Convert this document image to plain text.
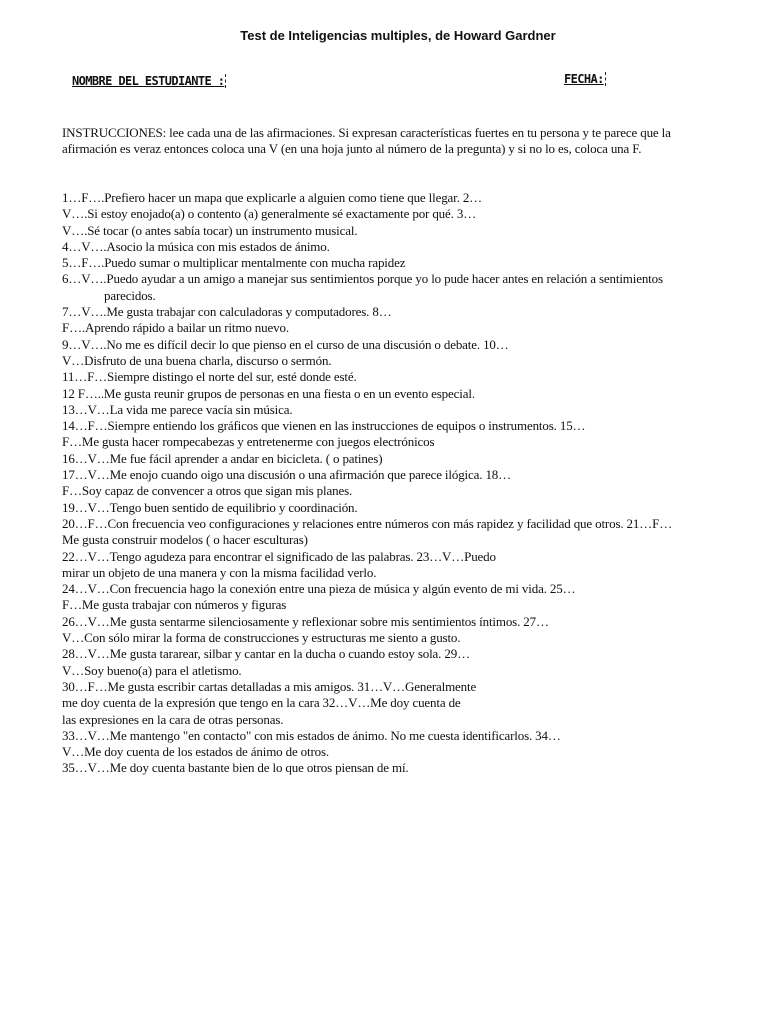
Test de Inteligencias multiples, de Howard Gardner
NOMBRE DEL ESTUDIANTE :	FECHA:

INSTRUCCIONES: lee cada una de las afirmaciones. Si expresan características fuertes en tu persona y te parece que la afirmación es veraz entonces coloca una V (en una hoja junto al número de la pregunta) y si no lo es, coloca una F.

1…F….Prefiero hacer un mapa que explicarle a alguien como tiene que llegar. 2…
V….Si estoy enojado(a) o contento (a) generalmente sé exactamente por qué. 3…
V….Sé tocar (o antes sabía tocar) un instrumento musical.
4…V….Asocio la música con mis estados de ánimo.
5…F….Puedo sumar o multiplicar mentalmente con mucha rapidez
6…V….Puedo ayudar a un amigo a manejar sus sentimientos porque yo lo pude hacer antes en relación a sentimientos
parecidos.
7…V….Me gusta trabajar con calculadoras y computadores. 8…
F….Aprendo rápido a bailar un ritmo nuevo.
9…V….No me es difícil decir lo que pienso en el curso de una discusión o debate. 10…
V…Disfruto de una buena charla, discurso o sermón.
11…F…Siempre distingo el norte del sur, esté donde esté.
12 F…..Me gusta reunir grupos de personas en una fiesta o en un evento especial.
13…V…La vida me parece vacía sin música.
14…F…Siempre entiendo los gráficos que vienen en las instrucciones de equipos o instrumentos. 15…
F…Me gusta hacer rompecabezas y entretenerme con juegos electrónicos
16…V…Me fue fácil aprender a andar en bicicleta. ( o patines)
17…V…Me enojo cuando oigo una discusión o una afirmación que parece ilógica. 18…
F…Soy capaz de convencer a otros que sigan mis planes.
19…V…Tengo buen sentido de equilibrio y coordinación.
20…F…Con frecuencia veo configuraciones y relaciones entre números con más rapidez y facilidad que otros. 21…F…
Me gusta construir modelos ( o hacer esculturas)
22…V…Tengo agudeza para encontrar el significado de las palabras. 23…V…Puedo
mirar un objeto de una manera y con la misma facilidad verlo.
24…V…Con frecuencia hago la conexión entre una pieza de música y algún evento de mi vida. 25…
F…Me gusta trabajar con números y figuras
26…V…Me gusta sentarme silenciosamente y reflexionar sobre mis sentimientos íntimos. 27…
V…Con sólo mirar la forma de construcciones y estructuras me siento a gusto.
28…V…Me gusta tararear, silbar y cantar en la ducha o cuando estoy sola. 29…
V…Soy bueno(a) para el atletismo.
30…F…Me gusta escribir cartas detalladas a mis amigos. 31…V…Generalmente
me doy cuenta de la expresión que tengo en la cara 32…V…Me doy cuenta de
las expresiones en la cara de otras personas.
33…V…Me mantengo "en contacto" con mis estados de ánimo. No me cuesta identificarlos. 34…
V…Me doy cuenta de los estados de ánimo de otros.
35…V…Me doy cuenta bastante bien de lo que otros piensan de mí.
